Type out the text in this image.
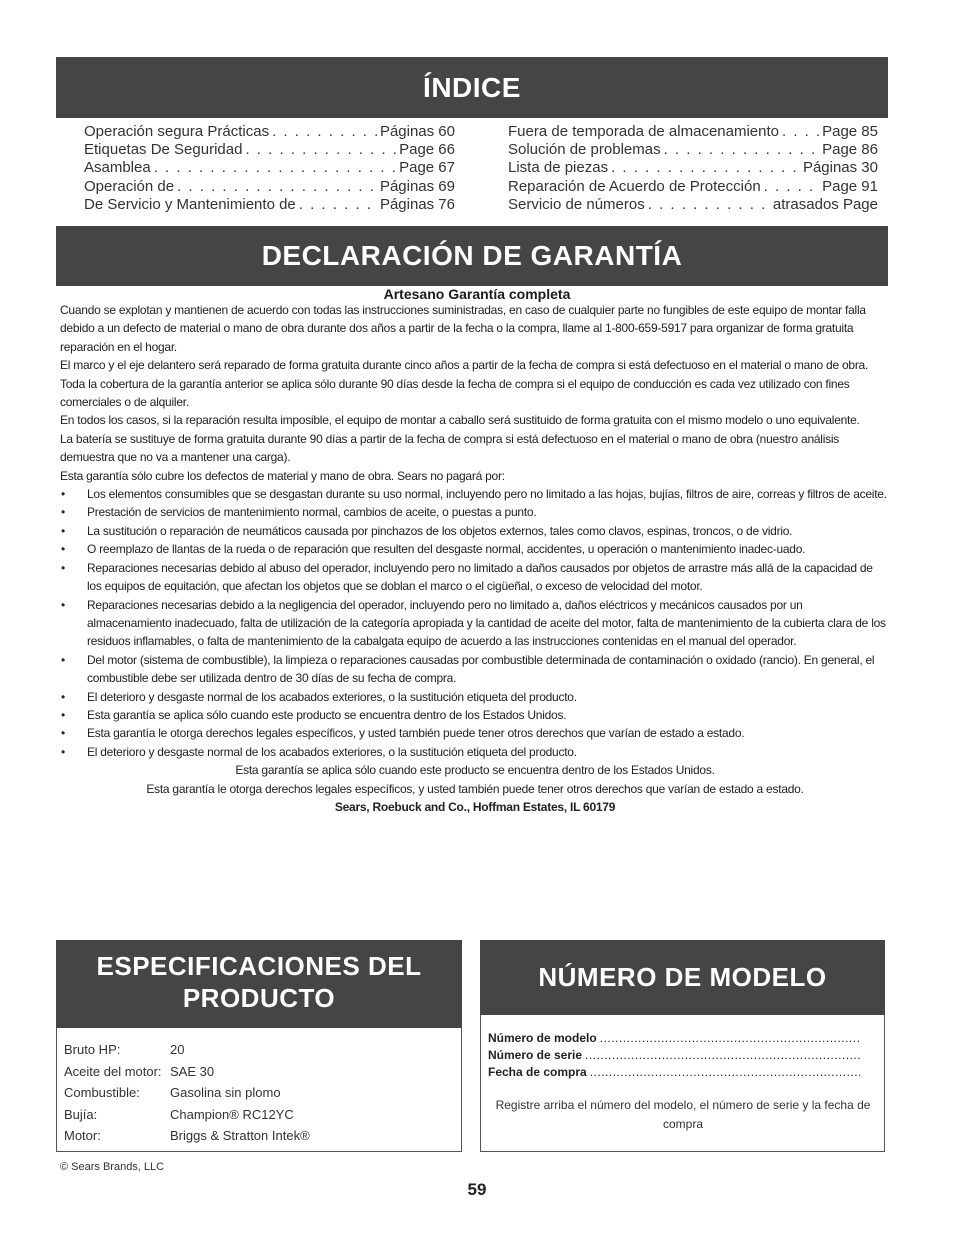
ÍNDICE
Operación segura Prácticas . . .	Páginas 60
Etiquetas De Seguridad . . .	Page 66
Asamblea . . .	Page 67
Operación de . . .	Páginas 69
De Servicio y Mantenimiento de . . .	Páginas 76
Fuera de temporada de almacenamiento . . .	Page 85
Solución de problemas . . .	Page 86
Lista de piezas . . .	Páginas 30
Reparación de Acuerdo de Protección . . .	Page 91
Servicio de números . . .	atrasados Page
DECLARACIÓN DE GARANTÍA
Artesano Garantía completa

Cuando se explotan y mantienen de acuerdo con todas las instrucciones suministradas, en caso de cualquier parte no fungibles de este equipo de montar falla debido a un defecto de material o mano de obra durante dos años a partir de la fecha o la compra, llame al 1-800-659-5917 para organizar de forma gratuita reparación en el hogar.

El marco y el eje delantero será reparado de forma gratuita durante cinco años a partir de la fecha de compra si está defectuoso en el material o mano de obra.

Toda la cobertura de la garantía anterior se aplica sólo durante 90 días desde la fecha de compra si el equipo de conducción es cada vez utilizado con fines comerciales o de alquiler.

En todos los casos, si la reparación resulta imposible, el equipo de montar a caballo será sustituido de forma gratuita con el mismo modelo o uno equivalente.

La batería se sustituye de forma gratuita durante 90 días a partir de la fecha de compra si está defectuoso en el material o mano de obra (nuestro análisis demuestra que no va a mantener una carga).

Esta garantía sólo cubre los defectos de material y mano de obra. Sears no pagará por:

• Los elementos consumibles que se desgastan durante su uso normal, incluyendo pero no limitado a las hojas, bujías, filtros de aire, correas y filtros de aceite.
• Prestación de servicios de mantenimiento normal, cambios de aceite, o puestas a punto.
• La sustitución o reparación de neumáticos causada por pinchazos de los objetos externos, tales como clavos, espinas, troncos, o de vidrio.
• O reemplazo de llantas de la rueda o de reparación que resulten del desgaste normal, accidentes, u operación o mantenimiento inadec-uado.
• Reparaciones necesarias debido al abuso del operador, incluyendo pero no limitado a daños causados por objetos de arrastre más allá de la capacidad de los equipos de equitación, que afectan los objetos que se doblan el marco o el cigüeñal, o exceso de velocidad del motor.
• Reparaciones necesarias debido a la negligencia del operador, incluyendo pero no limitado a, daños eléctricos y mecánicos causados por un almacenamiento inadecuado, falta de utilización de la categoría apropiada y la cantidad de aceite del motor, falta de mantenimiento de la cubierta clara de los residuos inflamables, o falta de mantenimiento de la cabalgata equipo de acuerdo a las instrucciones contenidas en el manual del operador.
• Del motor (sistema de combustible), la limpieza o reparaciones causadas por combustible determinada de contaminación o oxidado (rancio). En general, el combustible debe ser utilizada dentro de 30 días de su fecha de compra.
• El deterioro y desgaste normal de los acabados exteriores, o la sustitución etiqueta del producto.
• Esta garantía se aplica sólo cuando este producto se encuentra dentro de los Estados Unidos.
• Esta garantía le otorga derechos legales específicos, y usted también puede tener otros derechos que varían de estado a estado.
• El deterioro y desgaste normal de los acabados exteriores, o la sustitución etiqueta del producto.

Esta garantía se aplica sólo cuando este producto se encuentra dentro de los Estados Unidos.

Esta garantía le otorga derechos legales específicos, y usted también puede tener otros derechos que varían de estado a estado.

Sears, Roebuck and Co., Hoffman Estates, IL 60179

ESPECIFICACIONES DEL
PRODUCTO
Bruto HP:	20
Aceite del motor: SAE 30
Combustible:	Gasolina sin plomo
Bujía:	Champion® RC12YC
Motor:	Briggs & Stratton Intek®
NÚMERO DE MODELO
Número de modelo
.....
Número de serie
.....
Fecha de compra
.....
Registre arriba el número del modelo, el número de serie y la fecha de compra
© Sears Brands, LLC
59
